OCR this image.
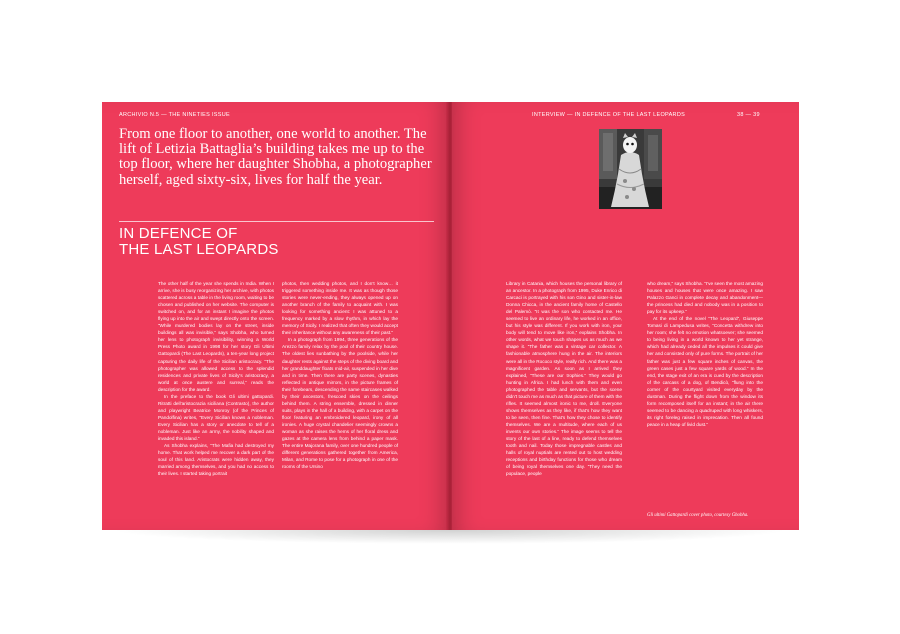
ARCHIVIO N.5 — THE NINETIES ISSUE

From one floor to another, one world to another. The lift of Letizia Battaglia’s building takes me up to the top floor, where her daughter Shobha, a photographer herself, aged sixty-six, lives for half the year.

IN DEFENCE OF
THE LAST LEOPARDS

The other half of the year she spends in India. When I arrive, she is busy reorganizing her archive, with photos scattered across a table in the living room, waiting to be chosen and published on her website. The computer is switched on, and for an instant I imagine the photos flying up into the air and swept directly onto the screen. “While murdered bodies lay on the street, inside buildings all was invisible,” says Shobha, who turned her lens to photograph invisibility, winning a World Press Photo award in 1998 for her story Gli Ultimi Gattopardi (The Last Leopards), a ten-year long project capturing the daily life of the Sicilian aristocracy. “The photographer was allowed access to the splendid residences and private lives of Sicily’s aristocracy, a world at once austere and surreal,” reads the description for the award.

In the preface to the book Gli ultimi gattopardi. Ritratti dell’aristocrazia siciliana (Contrasto), the author and playwright Beatrice Monroy (of the Princes of Pandolfina) writes, “Every Sicilian knows a nobleman. Every Sicilian has a story or anecdote to tell of a nobleman. Just like an army, the nobility shaped and invaded this island.”

As Shobha explains, “The Mafia had destroyed my home. That work helped me recover a dark part of the soul of this land. Aristocrats were hidden away, they married among themselves, and you had no access to their lives. I started taking portrait

photos, then wedding photos, and I don’t know… it triggered something inside me. It was as though those stories were never-ending, they always opened up on another branch of the family to acquaint with. I was looking for something ancient: I was attuned to a frequency marked by a slow rhythm, in which lay the memory of Sicily. I realized that often they would accept their inheritance without any awareness of their past.”

In a photograph from 1994, three generations of the Arezzo family relax by the pool of their country house. The oldest lies sunbathing by the poolside, while her daughter rests against the steps of the diving board and her granddaughter floats mid-air, suspended in her dive and in time. Then there are party scenes, dynasties reflected in antique mirrors, in the picture frames of their forebears, descending the same staircases walked by their ancestors, frescoed skies on the ceilings behind them. A string ensemble, dressed in dinner suits, plays in the hall of a building, with a carpet on the floor featuring an embroidered leopard, irony of all ironies. A huge crystal chandelier seemingly crowns a woman as she raises the hems of her floral dress and gazes at the camera lens from behind a paper mask. The entire Majorana family, over one hundred people of different generations gathered together from America, Milan, and Rome to pose for a photograph in one of the rooms of the Ursino

INTERVIEW — IN DEFENCE OF THE LAST LEOPARDS	38 — 39

Library in Catania, which houses the personal library of an ancestor. In a photograph from 1995, Duke Enrico di Carcaci is portrayed with his son Gino and sister-in-law Donna Chicca, in the ancient family home of Castello del Palemò. “It was the son who contacted me. He seemed to live an ordinary life, he worked in an office, but his style was different. If you work with iron, your body will tend to move like iron,” explains Shobha. In other words, what we touch shapes us as much as we shape it. “The father was a vintage car collector. A fashionable atmosphere hung in the air. The interiors were all in the Rococo style, really rich. And there was a magnificent garden. As soon as I arrived they explained, “These are our trophies.” They would go hunting in Africa. I had lunch with them and even photographed the table and servants, but the scene didn’t touch me as much as that picture of them with the rifles. It seemed almost ironic to me, droll. Everyone shows themselves as they like, if that’s how they want to be seen, then fine. That’s how they chose to identify themselves. We are a multitude, where each of us invents our own stories.” The image seems to tell the story of the last of a line, ready to defend themselves tooth and nail. Today those impregnable castles and halls of royal nuptials are rented out to host wedding receptions and birthday functions for those who dream of being royal themselves one day. “They need the populace, people

who dream,” says Shobha. “I’ve seen the most amazing houses and houses that were once amazing. I saw Palazzo Ganci in complete decay and abandonment—the princess had died and nobody was in a position to pay for its upkeep.”

At the end of the novel “The Leopard”, Giuseppe Tomasi di Lampedusa writes, “Concetta withdrew into her room; she felt no emotion whatsoever; she seemed to being living in a world known to her yet strange, which had already ceded all the impulses it could give her and consisted only of pure forms. The portrait of her father was just a few square inches of canvas, the green cases just a few square yards of wood.” In the end, the stage exit of an era is cued by the description of the carcass of a dog, of Bendicò, “flung into the corner of the courtyard visited everyday by the dustman. During the flight down from the window its form recomposed itself for an instant; in the air there seemed to be dancing a quadruped with long whiskers, its right foreleg raised in imprecation. Then all found peace in a heap of livid dust.”

Gli ultimi Gattopardi cover photo, courtesy Ghobha.
